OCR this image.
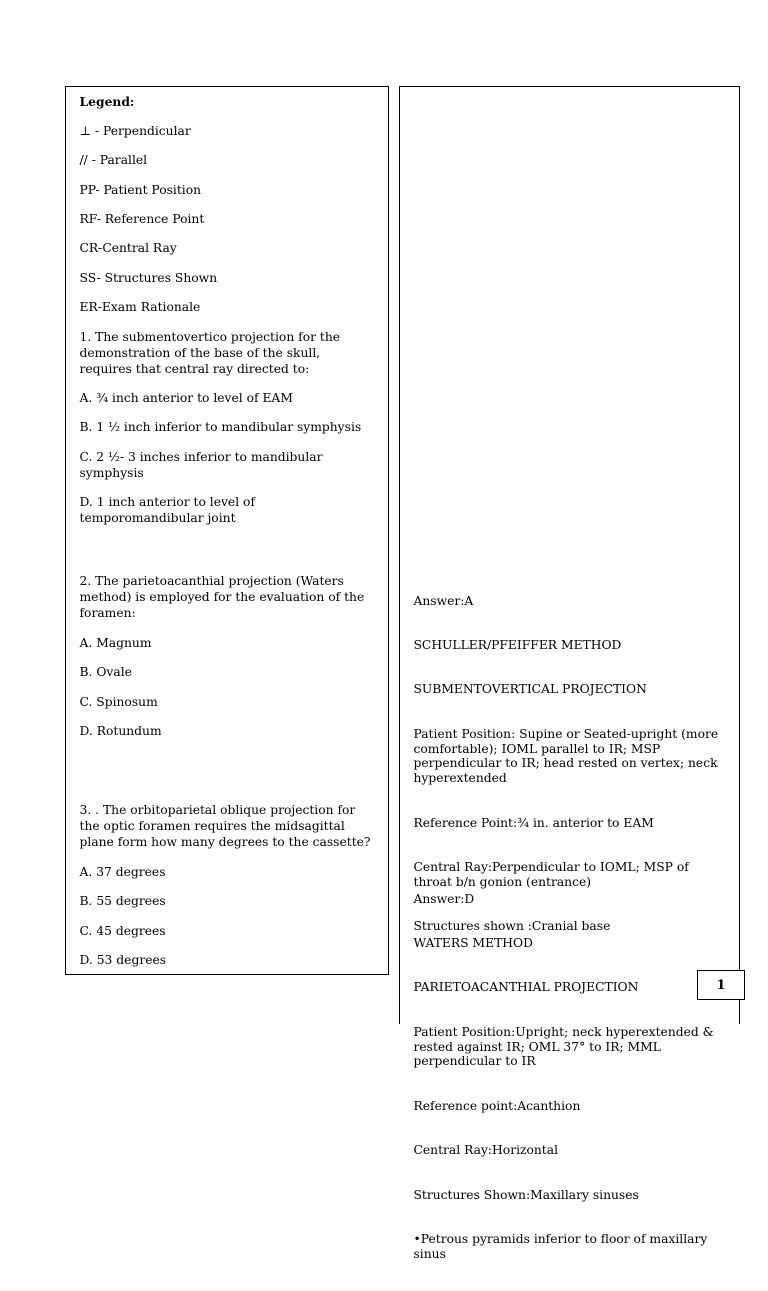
Legend:

⊥ - Perpendicular

// - Parallel

PP- Patient Position

RF- Reference Point

CR-Central Ray

SS- Structures Shown

ER-Exam Rationale

1. The submentovertico projection for the
demonstration of the base of the skull,
requires that central ray directed to:

A. ¾ inch anterior to level of EAM

B. 1 ½ inch inferior to mandibular symphysis

C. 2 ½- 3 inches inferior to mandibular
symphysis

D. 1 inch anterior to level of
temporomandibular joint

2. The parietoacanthial projection (Waters
method) is employed for the evaluation of the
foramen:

A. Magnum

B. Ovale

C. Spinosum

D. Rotundum

3. . The orbitoparietal oblique projection for
the optic foramen requires the midsagittal
plane form how many degrees to the cassette?

A. 37 degrees

B. 55 degrees

C. 45 degrees

D. 53 degrees

Answer:A

SCHULLER/PFEIFFER METHOD

SUBMENTOVERTICAL PROJECTION

Patient Position: Supine or Seated-upright (more
comfortable); IOML parallel to IR; MSP
perpendicular to IR; head rested on vertex; neck
hyperextended

Reference Point:¾ in. anterior to EAM

Central Ray:Perpendicular to IOML; MSP of
throat b/n gonion (entrance)

Structures shown :Cranial base

Answer:D

WATERS METHOD

PARIETOACANTHIAL PROJECTION

Patient Position:Upright; neck hyperextended &
rested against IR; OML 37° to IR; MML
perpendicular to IR

Reference point:Acanthion

Central Ray:Horizontal

Structures Shown:Maxillary sinuses

•Petrous pyramids inferior to floor of maxillary
sinus

1
